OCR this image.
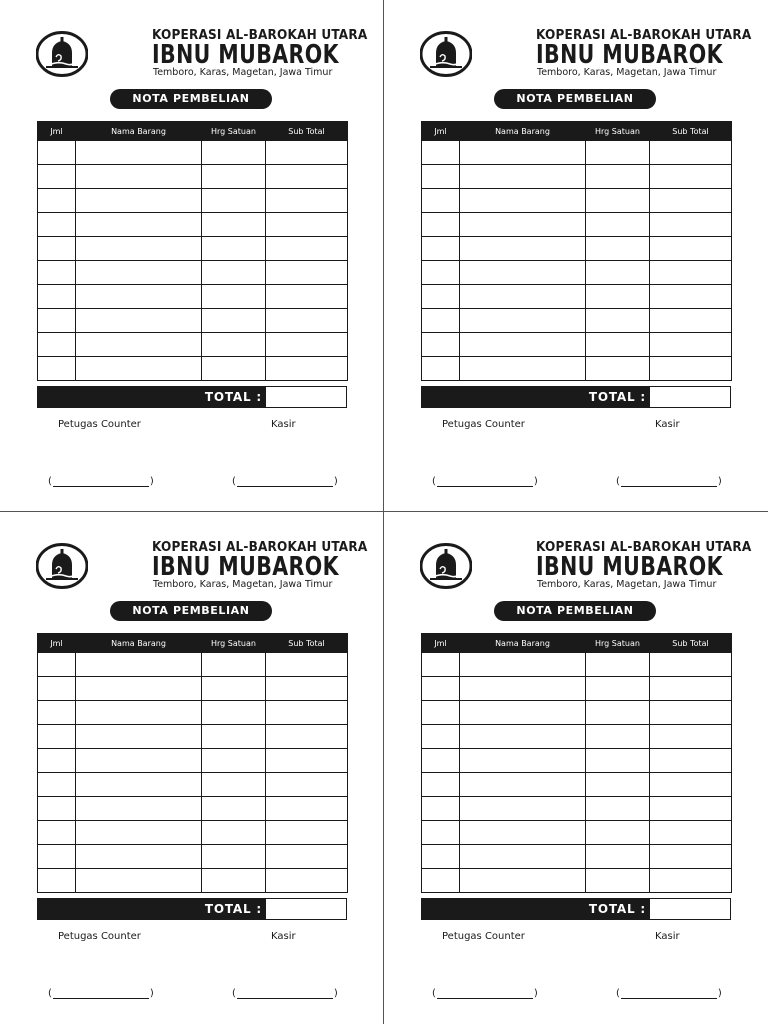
KOPERASI AL-BAROKAH UTARA
IBNU MUBAROK
Temboro, Karas, Magetan, Jawa Timur
NOTA PEMBELIAN
Jml	Nama Barang	Hrg Satuan	Sub Total

TOTAL :
Petugas Counter	Kasir
(	)	(	)
KOPERASI AL-BAROKAH UTARA
IBNU MUBAROK
Temboro, Karas, Magetan, Jawa Timur
NOTA PEMBELIAN
Jml	Nama Barang	Hrg Satuan	Sub Total

TOTAL :
Petugas Counter	Kasir
(	)	(	)
KOPERASI AL-BAROKAH UTARA
IBNU MUBAROK
Temboro, Karas, Magetan, Jawa Timur
NOTA PEMBELIAN
Jml	Nama Barang	Hrg Satuan	Sub Total

TOTAL :
Petugas Counter	Kasir
(	)	(	)
KOPERASI AL-BAROKAH UTARA
IBNU MUBAROK
Temboro, Karas, Magetan, Jawa Timur
NOTA PEMBELIAN
Jml	Nama Barang	Hrg Satuan	Sub Total

TOTAL :
Petugas Counter	Kasir
(	)	(	)
